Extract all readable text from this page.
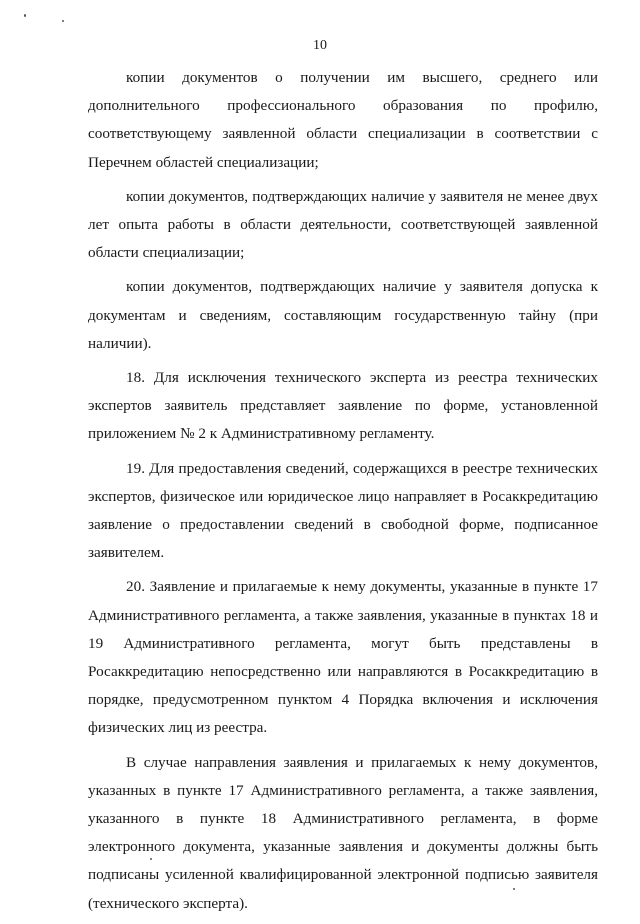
10

копии документов о получении им высшего, среднего или дополнительного профессионального образования по профилю, соответствующему заявленной области специализации в соответствии с Перечнем областей специализации;

копии документов, подтверждающих наличие у заявителя не менее двух лет опыта работы в области деятельности, соответствующей заявленной области специализации;

копии документов, подтверждающих наличие у заявителя допуска к документам и сведениям, составляющим государственную тайну (при наличии).

18. Для исключения технического эксперта из реестра технических экспертов заявитель представляет заявление по форме, установленной приложением № 2 к Административному регламенту.

19. Для предоставления сведений, содержащихся в реестре технических экспертов, физическое или юридическое лицо направляет в Росаккредитацию заявление о предоставлении сведений в свободной форме, подписанное заявителем.

20. Заявление и прилагаемые к нему документы, указанные в пункте 17 Административного регламента, а также заявления, указанные в пунктах 18 и 19 Административного регламента, могут быть представлены в Росаккредитацию непосредственно или направляются в Росаккредитацию в порядке, предусмотренном пунктом 4 Порядка включения и исключения физических лиц из реестра.

В случае направления заявления и прилагаемых к нему документов, указанных в пункте 17 Административного регламента, а также заявления, указанного в пункте 18 Административного регламента, в форме электронного документа, указанные заявления и документы должны быть подписаны усиленной квалифицированной электронной подписью заявителя (технического эксперта).
